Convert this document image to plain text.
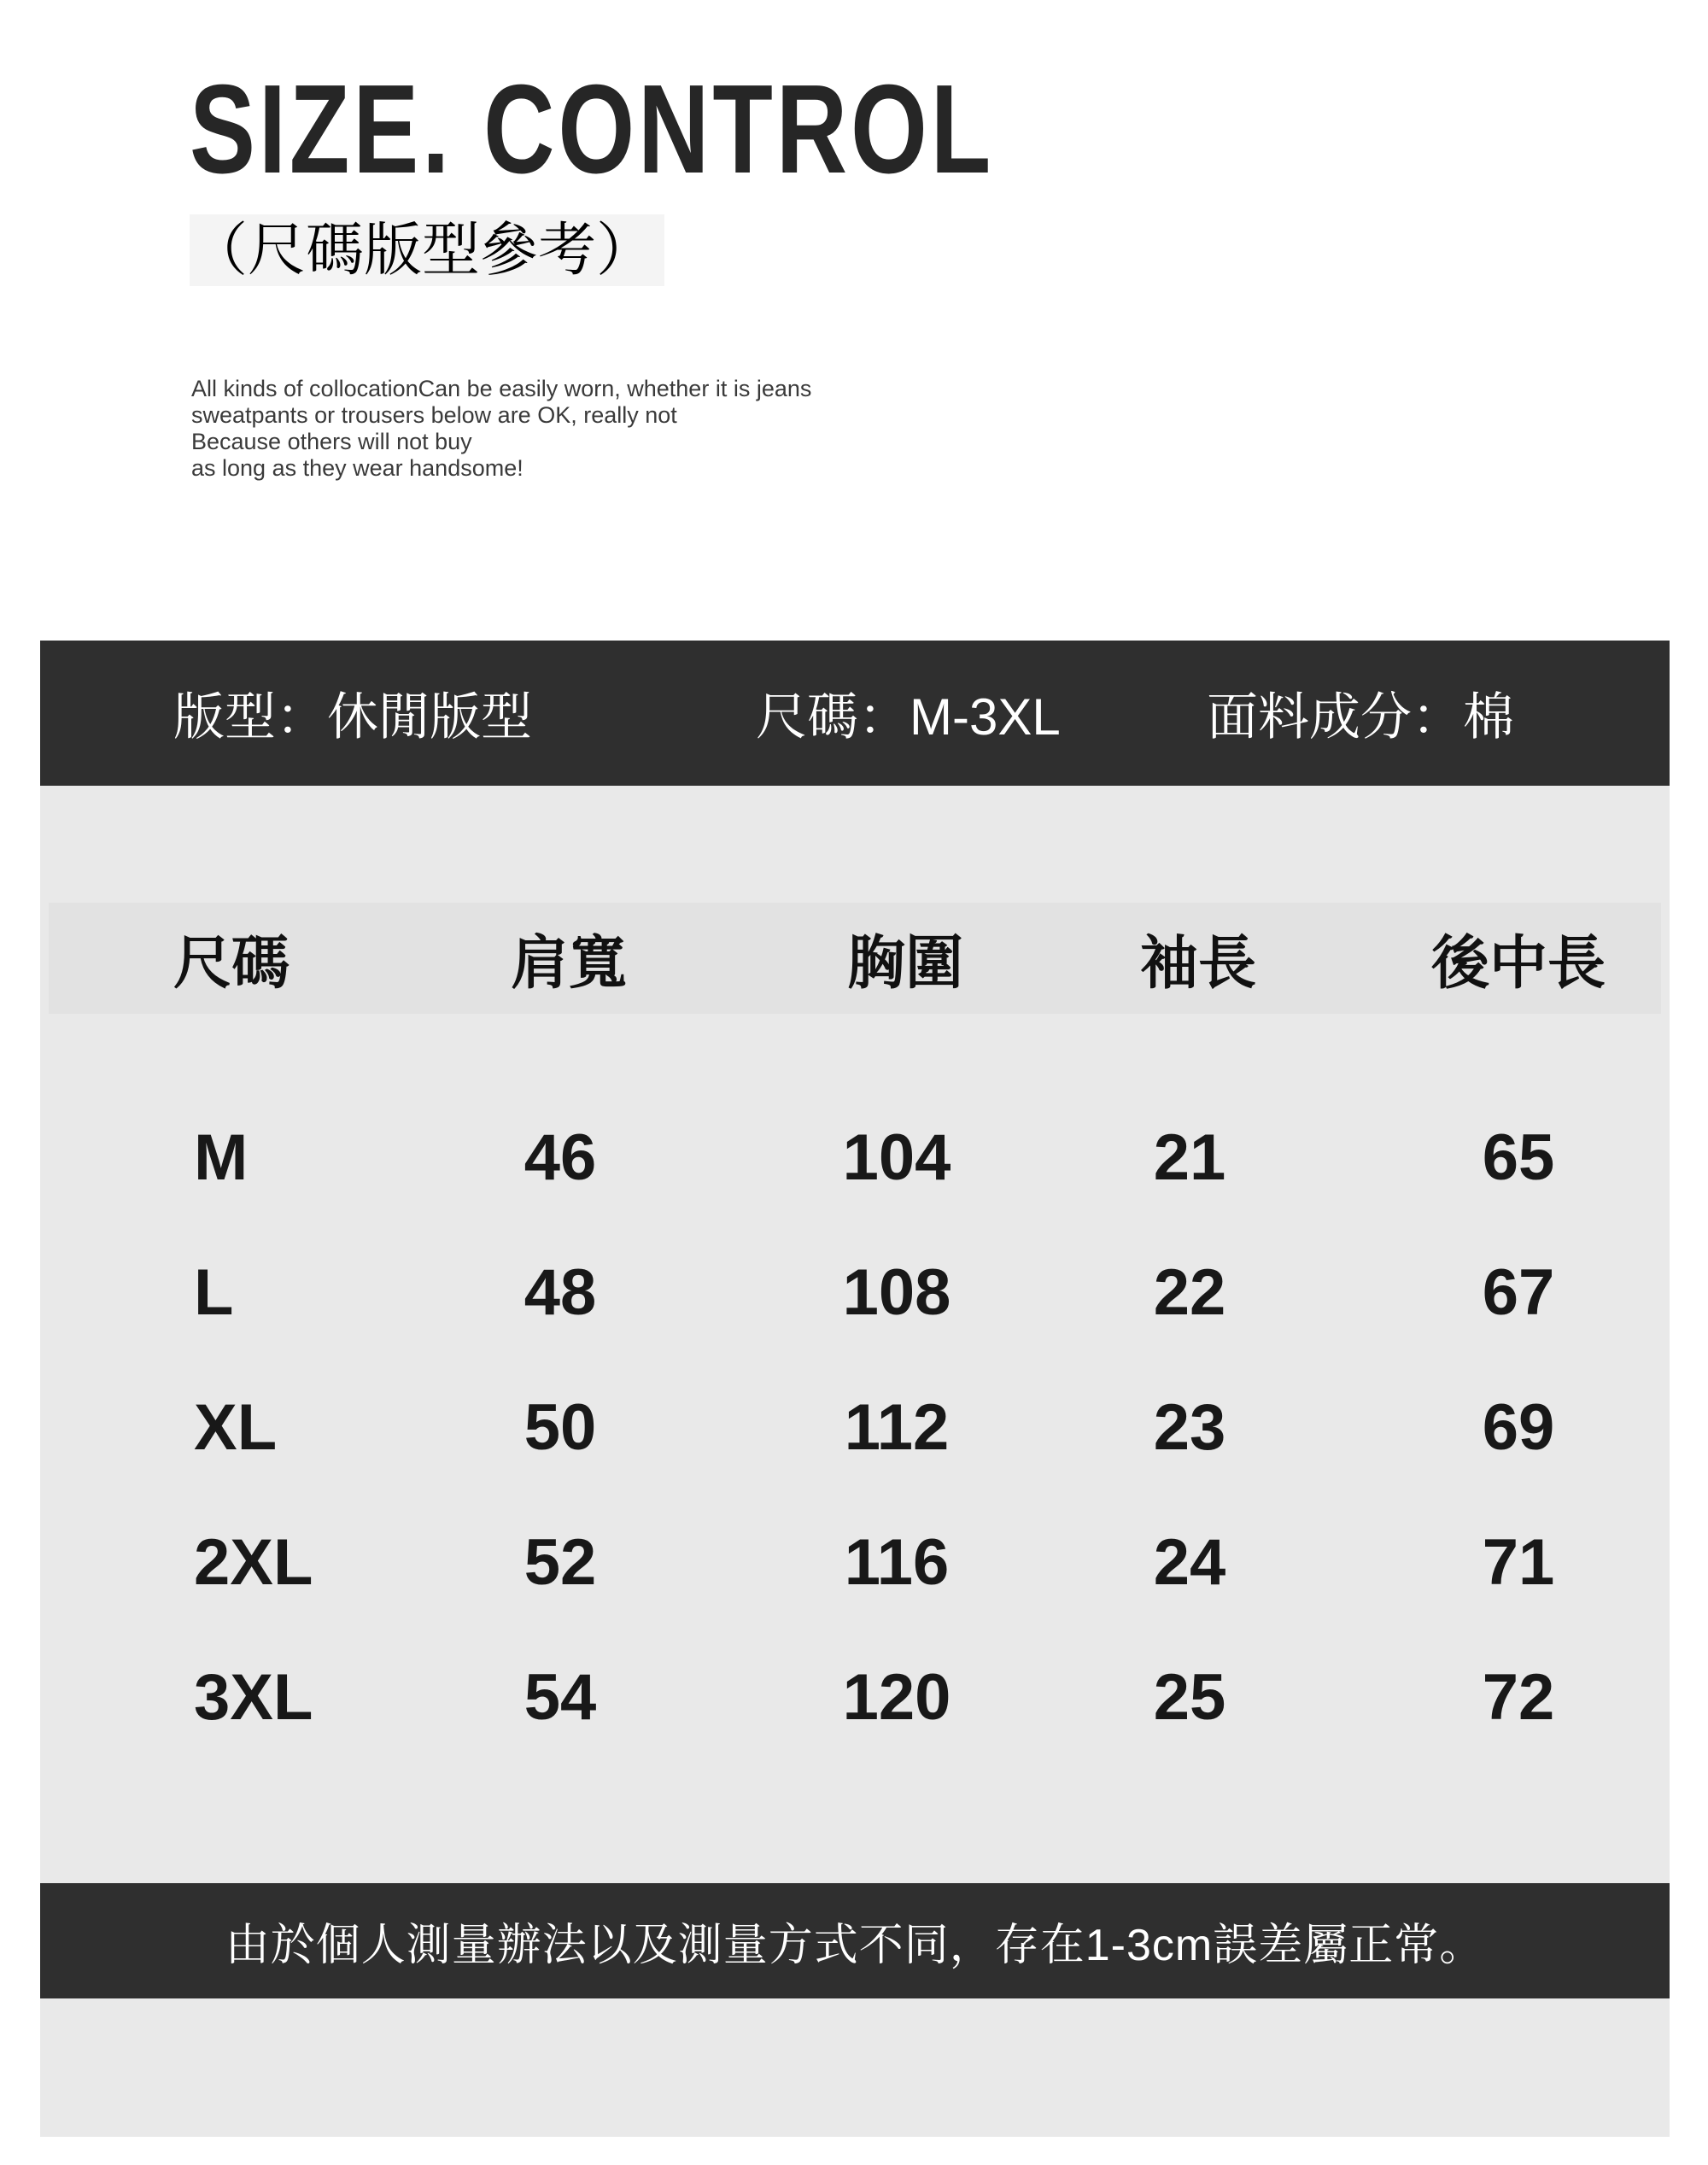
SIZE. CONTROL
（尺碼版型參考）
All kinds of collocationCan be easily worn, whether it is jeans
sweatpants or trousers below are OK, really not
Because others will not buy
as long as they wear handsome!
版型：休閒版型	尺碼：M-3XL	面料成分：棉
尺碼	肩寬	胸圍	袖長	後中長
M	46	104	21	65
L	48	108	22	67
XL	50	112	23	69
2XL	52	116	24	71
3XL	54	120	25	72
由於個人測量辦法以及測量方式不同，存在1-3cm誤差屬正常。
